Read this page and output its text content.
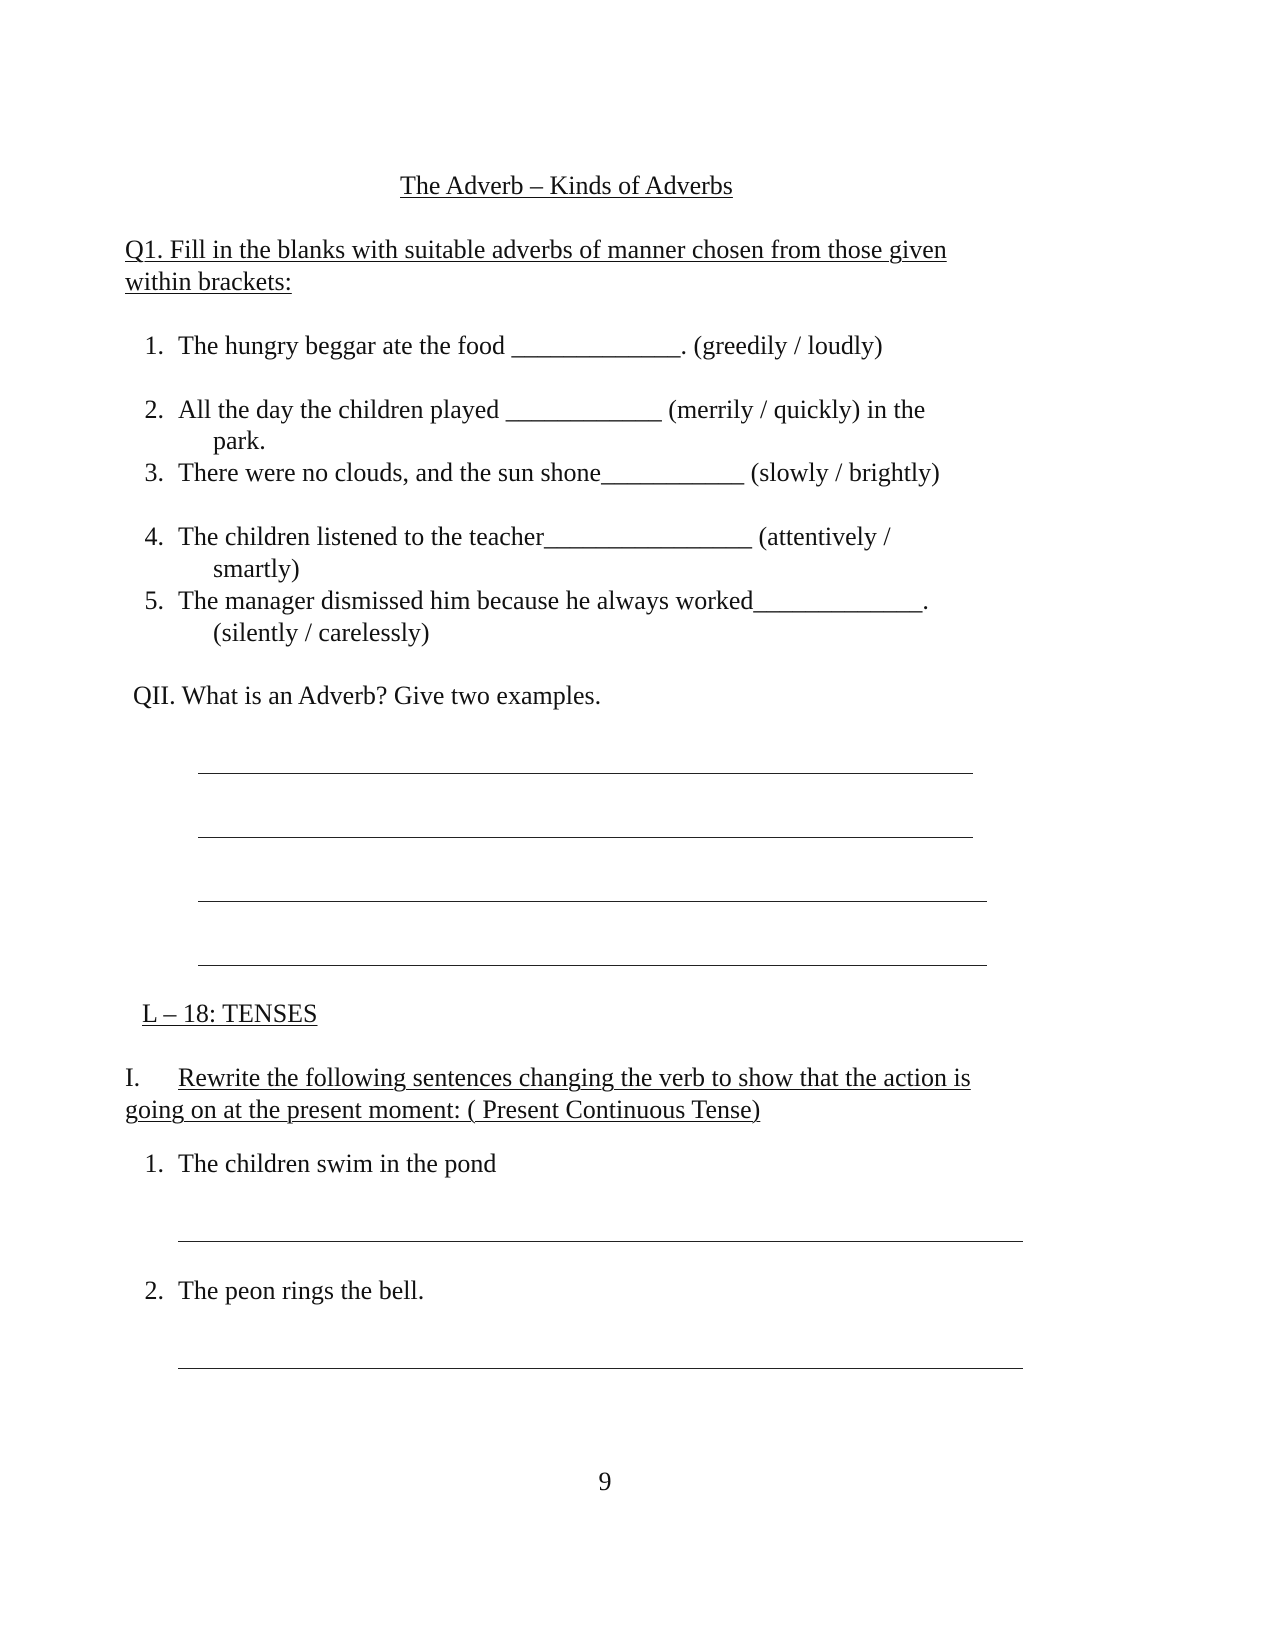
The Adverb – Kinds of Adverbs
Q1. Fill in the blanks with suitable adverbs of manner chosen from those given
within brackets:
1. The hungry beggar ate the food _____________. (greedily / loudly)
2. All the day the children played ____________ (merrily / quickly) in the
park.
3. There were no clouds, and the sun shone___________ (slowly / brightly)
4. The children listened to the teacher________________ (attentively /
smartly)
5. The manager dismissed him because he always worked_____________.
(silently / carelessly)
QII. What is an Adverb? Give two examples.
L – 18: TENSES
I. Rewrite the following sentences changing the verb to show that the action is
going on at the present moment: ( Present Continuous Tense)
1. The children swim in the pond
2. The peon rings the bell.
9
